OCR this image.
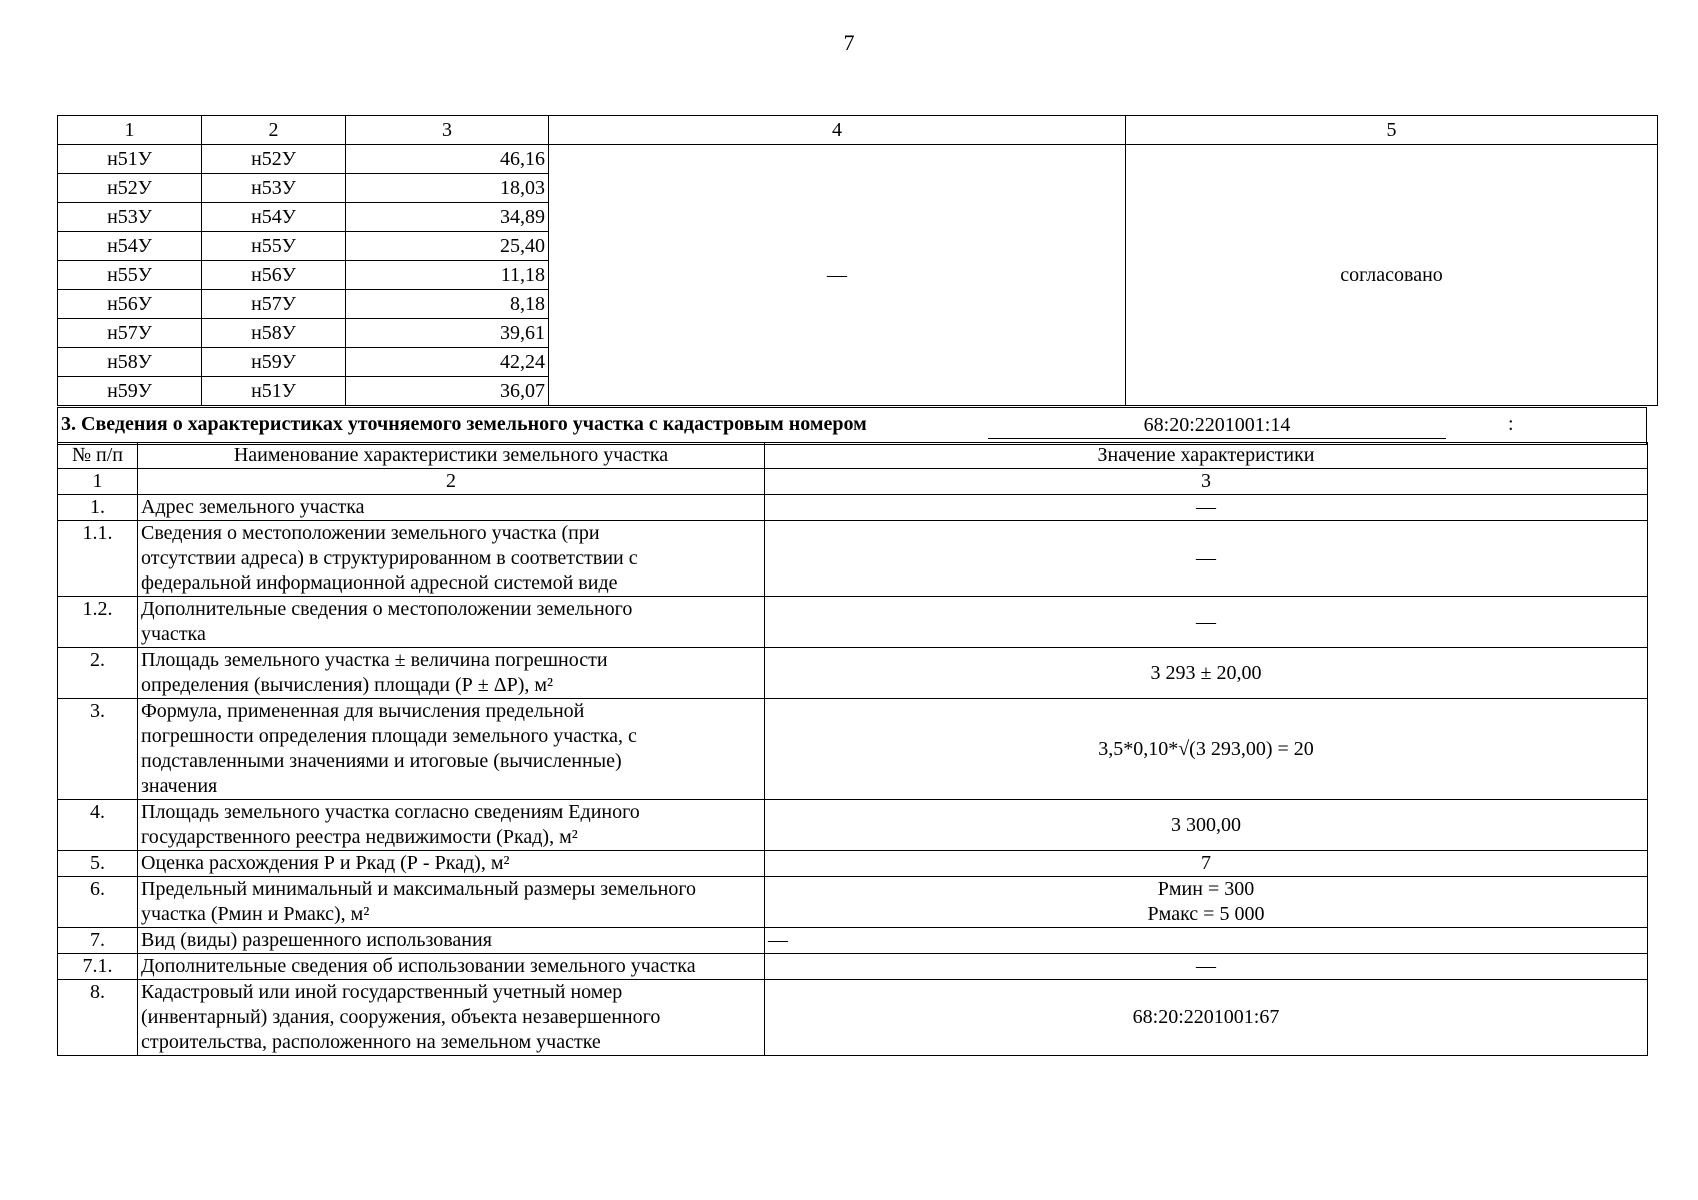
7
1	2	3	4	5
н51У	н52У	46,16	—	согласовано
н52У	н53У	18,03		
н53У	н54У	34,89		
н54У	н55У	25,40		
н55У	н56У	11,18		
н56У	н57У	8,18		
н57У	н58У	39,61		
н58У	н59У	42,24		
н59У	н51У	36,07		
3. Сведения о характеристиках уточняемого земельного участка с кадастровым номером	68:20:2201001:14	:
№ п/п	Наименование характеристики земельного участка	Значение характеристики
1	2	3
1.	Адрес земельного участка	—

1.1.	Сведения о местоположении земельного участка (при
отсутствии адреса) в структурированном в соответствии с
федеральной информационной адресной системой виде	—

1.2.	Дополнительные сведения о местоположении земельного
участка	—

2.	Площадь земельного участка ± величина погрешности
определения (вычисления) площади (Р ± ΔР), м²	3 293 ± 20,00

3.	Формула, примененная для вычисления предельной
погрешности определения площади земельного участка, с
подставленными значениями и итоговые (вычисленные)
значения	3,5*0,10*√(3 293,00) = 20

4.	Площадь земельного участка согласно сведениям Единого
государственного реестра недвижимости (Ркад), м²	3 300,00

5.	Оценка расхождения Р и Ркад (Р - Ркад), м²	7

6.	Предельный минимальный и максимальный размеры земельного
участка (Рмин и Рмакс), м²	Рмин = 300
Рмакс = 5 000

7.	Вид (виды) разрешенного использования	—

7.1.	Дополнительные сведения об использовании земельного участка	—

8.	Кадастровый или иной государственный учетный номер
(инвентарный) здания, сооружения, объекта незавершенного
строительства, расположенного на земельном участке	68:20:2201001:67
